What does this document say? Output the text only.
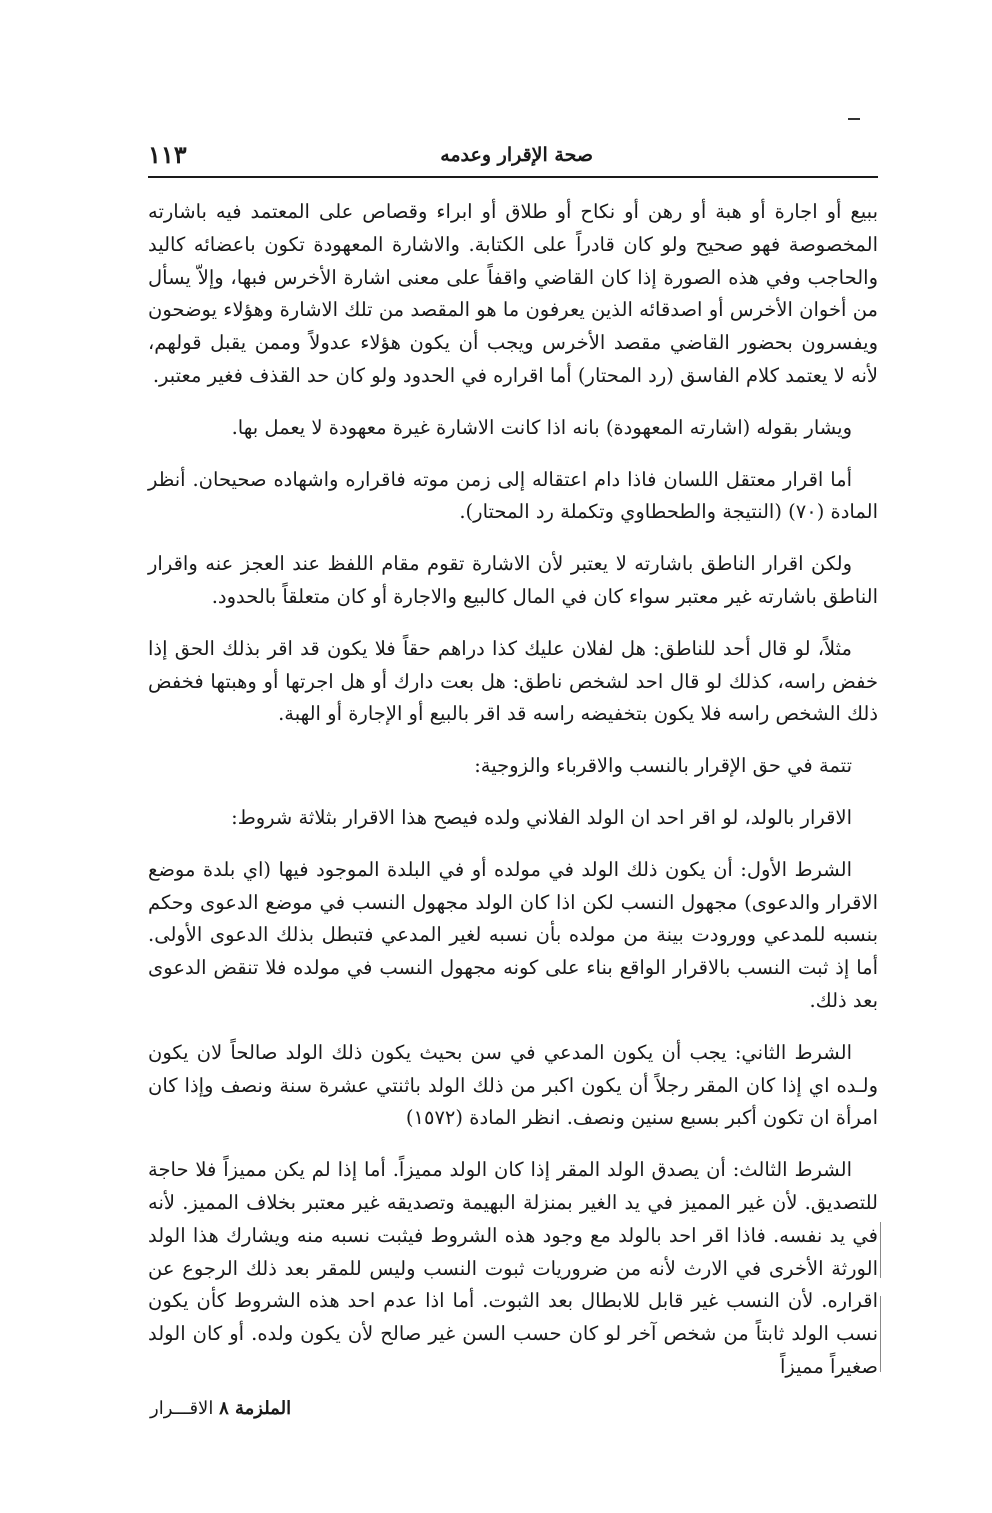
صحة الإقرار وعدمه
١١٣

ببيع أو اجارة أو هبة أو رهن أو نكاح أو طلاق أو ابراء وقصاص على المعتمد فيه باشارته المخصوصة فهو صحيح ولو كان قادراً على الكتابة. والاشارة المعهودة تكون باعضائه كاليد والحاجب وفي هذه الصورة إذا كان القاضي واقفاً على معنى اشارة الأخرس فبها، وإلاّ يسأل من أخوان الأخرس أو اصدقائه الذين يعرفون ما هو المقصد من تلك الاشارة وهؤلاء يوضحون ويفسرون بحضور القاضي مقصد الأخرس ويجب أن يكون هؤلاء عدولاً وممن يقبل قولهم، لأنه لا يعتمد كلام الفاسق (رد المحتار) أما اقراره في الحدود ولو كان حد القذف فغير معتبر.

ويشار بقوله (اشارته المعهودة) بانه اذا كانت الاشارة غيرة معهودة لا يعمل بها.

أما اقرار معتقل اللسان فاذا دام اعتقاله إلى زمن موته فاقراره واشهاده صحيحان. أنظر المادة (٧٠) (النتيجة والطحطاوي وتكملة رد المحتار).

ولكن اقرار الناطق باشارته لا يعتبر لأن الاشارة تقوم مقام اللفظ عند العجز عنه واقرار الناطق باشارته غير معتبر سواء كان في المال كالبيع والاجارة أو كان متعلقاً بالحدود.

مثلاً، لو قال أحد للناطق: هل لفلان عليك كذا دراهم حقاً فلا يكون قد اقر بذلك الحق إذا خفض راسه، كذلك لو قال احد لشخص ناطق: هل بعت دارك أو هل اجرتها أو وهبتها فخفض ذلك الشخص راسه فلا يكون بتخفيضه راسه قد اقر بالبيع أو الإجارة أو الهبة.

تتمة في حق الإقرار بالنسب والاقرباء والزوجية:

الاقرار بالولد، لو اقر احد ان الولد الفلاني ولده فيصح هذا الاقرار بثلاثة شروط:

الشرط الأول: أن يكون ذلك الولد في مولده أو في البلدة الموجود فيها (اي بلدة موضع الاقرار والدعوى) مجهول النسب لكن اذا كان الولد مجهول النسب في موضع الدعوى وحكم بنسبه للمدعي وورودت بينة من مولده بأن نسبه لغير المدعي فتبطل بذلك الدعوى الأولى. أما إذ ثبت النسب بالاقرار الواقع بناء على كونه مجهول النسب في مولده فلا تنقض الدعوى بعد ذلك.

الشرط الثاني: يجب أن يكون المدعي في سن بحيث يكون ذلك الولد صالحاً لان يكون ولـده اي إذا كان المقر رجلاً أن يكون اكبر من ذلك الولد باثنتي عشرة سنة ونصف وإذا كان امرأة ان تكون أكبر بسبع سنين ونصف. انظر المادة (١٥٧٢)

الشرط الثالث: أن يصدق الولد المقر إذا كان الولد مميزاً. أما إذا لم يكن مميزاً فلا حاجة للتصديق. لأن غير المميز في يد الغير بمنزلة البهيمة وتصديقه غير معتبر بخلاف المميز. لأنه في يد نفسه. فاذا اقر احد بالولد مع وجود هذه الشروط فيثبت نسبه منه ويشارك هذا الولد الورثة الأخرى في الارث لأنه من ضروريات ثبوت النسب وليس للمقر بعد ذلك الرجوع عن اقراره. لأن النسب غير قابل للابطال بعد الثبوت. أما اذا عدم احد هذه الشروط كأن يكون نسب الولد ثابتاً من شخص آخر لو كان حسب السن غير صالح لأن يكون ولده. أو كان الولد صغيراً مميزاً

الملزمة ٨ الاقـــرار
